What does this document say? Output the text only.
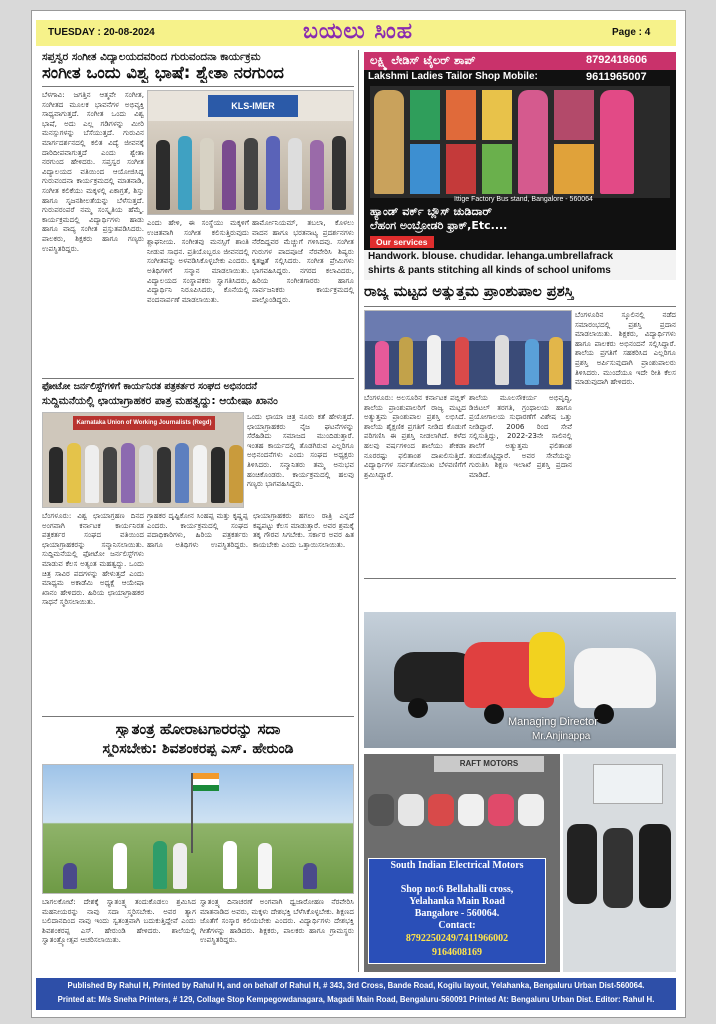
TUESDAY : 20-08-2024	ಬಯಲು ಸಿಂಹ	Page : 4
ಸಪ್ತಸ್ವರ ಸಂಗೀತ ವಿದ್ಯಾಲಯದವರಿಂದ ಗುರುವಂದನಾ ಕಾರ್ಯಕ್ರಮ
ಸಂಗೀತ ಒಂದು ವಿಶ್ವ ಭಾಷೆ: ಶ್ವೇತಾ ನರಗುಂದ
ಬೆಳಗಾವಿ: ಜಗತ್ತಿನ ಆತ್ಮವೇ ಸಂಗೀತ, ಸಂಗೀತದ ಮೂಲಕ ಭಾವನೆಗಳ ಅಭಿವ್ಯಕ್ತಿ ಸಾಧ್ಯವಾಗುತ್ತದೆ. ಸಂಗೀತ ಒಂದು ವಿಶ್ವ ಭಾಷೆ, ಅದು ಎಲ್ಲ ಗಡಿಗಳನ್ನು ಮೀರಿ ಮನಸ್ಸುಗಳನ್ನು ಬೆಸೆಯುತ್ತದೆ. ಗುರುವಿನ ಮಾರ್ಗದರ್ಶನದಲ್ಲಿ ಕಲಿತ ವಿದ್ಯೆ ಜೀವನಕ್ಕೆ ದಾರಿದೀಪವಾಗುತ್ತದೆ ಎಂದು ಶ್ವೇತಾ ನರಗುಂದ ಹೇಳಿದರು. ಸಪ್ತಸ್ವರ ಸಂಗೀತ ವಿದ್ಯಾಲಯದ ವತಿಯಿಂದ ಆಯೋಜಿಸಿದ್ದ ಗುರುವಂದನಾ ಕಾರ್ಯಕ್ರಮದಲ್ಲಿ ಮಾತನಾಡಿ, ಸಂಗೀತ ಕಲಿಕೆಯು ಮಕ್ಕಳಲ್ಲಿ ಏಕಾಗ್ರತೆ, ಶಿಸ್ತು ಹಾಗೂ ಸೃಜನಶೀಲತೆಯನ್ನು ಬೆಳೆಸುತ್ತದೆ. ಗುರುಪರಂಪರೆ ನಮ್ಮ ಸಂಸ್ಕೃತಿಯ ಹೆಮ್ಮೆ. ಕಾರ್ಯಕ್ರಮದಲ್ಲಿ ವಿದ್ಯಾರ್ಥಿಗಳು ಹಾಡು ಹಾಗೂ ವಾದ್ಯ ಸಂಗೀತ ಪ್ರಸ್ತುತಪಡಿಸಿದರು. ಪಾಲಕರು, ಶಿಕ್ಷಕರು ಹಾಗೂ ಗಣ್ಯರು ಉಪಸ್ಥಿತರಿದ್ದರು.
KLS-IMER
ಎಂದು ಹೇಳಿ, ಈ ಸಂಸ್ಥೆಯು ಮಕ್ಕಳಿಗೆ ಉಚಿತವಾಗಿ ಸಂಗೀತ ಕಲಿಸುತ್ತಿರುವುದು ಶ್ಲಾಘನೀಯ. ಸಂಗೀತವು ಮನಸ್ಸಿಗೆ ಶಾಂತಿ ನೀಡುವ ಸಾಧನ. ಪ್ರತಿಯೊಬ್ಬರೂ ಜೀವನದಲ್ಲಿ ಸಂಗೀತವನ್ನು ಅಳವಡಿಸಿಕೊಳ್ಳಬೇಕು ಎಂದರು. ಅತಿಥಿಗಳಿಗೆ ಸನ್ಮಾನ ಮಾಡಲಾಯಿತು. ವಿದ್ಯಾಲಯದ ಸಂಸ್ಥಾಪಕರು ಸ್ವಾಗತಿಸಿದರು, ವಿದ್ಯಾರ್ಥಿನಿ ನಿರೂಪಿಸಿದರು, ಕೊನೆಯಲ್ಲಿ ವಂದನಾರ್ಪಣೆ ಮಾಡಲಾಯಿತು.
ಹಾರ್ಮೋನಿಯಮ್, ತಬಲಾ, ಕೊಳಲು ವಾದನ ಹಾಗೂ ಭರತನಾಟ್ಯ ಪ್ರದರ್ಶನಗಳು ನೆರೆದಿದ್ದವರ ಮೆಚ್ಚುಗೆ ಗಳಿಸಿದವು. ಸಂಗೀತ ಗುರುಗಳ ಪಾದಪೂಜೆ ನೆರವೇರಿಸಿ ಶಿಷ್ಯರು ಕೃತಜ್ಞತೆ ಸಲ್ಲಿಸಿದರು. ಸಂಗೀತ ಪ್ರೇಮಿಗಳು ಭಾಗವಹಿಸಿದ್ದರು. ನಗರದ ಕಲಾವಿದರು, ಹಿರಿಯ ಸಂಗೀತಗಾರರು ಹಾಗೂ ಸಾರ್ವಜನಿಕರು ಕಾರ್ಯಕ್ರಮದಲ್ಲಿ ಪಾಲ್ಗೊಂಡಿದ್ದರು.
ಫೋಟೋ ಜರ್ನಲಿಸ್ಟ್‌ಗಳಿಗೆ ಕಾರ್ಯನಿರತ ಪತ್ರಕರ್ತರ ಸಂಘದ ಅಭಿನಂದನೆ
ಸುದ್ದಿಮನೆಯಲ್ಲಿ ಛಾಯಾಗ್ರಾಹಕರ ಪಾತ್ರ ಮಹತ್ವದ್ದು: ಆಯೇಷಾ ಖಾನಂ
Karnataka Union of Working Journalists (Regd)
ಒಂದು ಛಾಯಾ ಚಿತ್ರ ನೂರು ಕತೆ ಹೇಳುತ್ತದೆ. ಛಾಯಾಗ್ರಾಹಕರು ನೈಜ ಘಟನೆಗಳನ್ನು ಸೆರೆಹಿಡಿದು ಸಮಾಜದ ಮುಂದಿಡುತ್ತಾರೆ. ಇಂತಹ ಕಾರ್ಯದಲ್ಲಿ ತೊಡಗಿರುವ ಎಲ್ಲರಿಗೂ ಅಭಿನಂದನೆಗಳು ಎಂದು ಸಂಘದ ಅಧ್ಯಕ್ಷರು ತಿಳಿಸಿದರು. ಸನ್ಮಾನಿತರು ತಮ್ಮ ಅನುಭವ ಹಂಚಿಕೊಂಡರು. ಕಾರ್ಯಕ್ರಮದಲ್ಲಿ ಹಲವು ಗಣ್ಯರು ಭಾಗವಹಿಸಿದ್ದರು.
ಬೆಂಗಳೂರು: ವಿಶ್ವ ಛಾಯಾಗ್ರಹಣ ದಿನದ ಅಂಗವಾಗಿ ಕರ್ನಾಟಕ ಕಾರ್ಯನಿರತ ಪತ್ರಕರ್ತರ ಸಂಘದ ವತಿಯಿಂದ ಛಾಯಾಗ್ರಾಹಕರನ್ನು ಸನ್ಮಾನಿಸಲಾಯಿತು. ಸುದ್ದಿಮನೆಯಲ್ಲಿ ಫೋಟೋ ಜರ್ನಲಿಸ್ಟ್‌ಗಳು ಮಾಡುವ ಕೆಲಸ ಅತ್ಯಂತ ಮಹತ್ವದ್ದು. ಒಂದು ಚಿತ್ರ ಸಾವಿರ ಪದಗಳನ್ನು ಹೇಳುತ್ತದೆ ಎಂದು ಮಾಧ್ಯಮ ಅಕಾಡೆಮಿ ಅಧ್ಯಕ್ಷೆ ಆಯೇಷಾ ಖಾನಂ ಹೇಳಿದರು. ಹಿರಿಯ ಛಾಯಾಗ್ರಾಹಕರ ಸಾಧನೆ ಸ್ಮರಿಸಲಾಯಿತು.
ಗ್ರಾಹಕರ ದೃಷ್ಟಿಕೋನ ಸಿಂಹಪ್ಪ ಮತ್ತು ಕೃಷ್ಣಪ್ಪ ಎಂದರು. ಕಾರ್ಯಕ್ರಮದಲ್ಲಿ ಸಂಘದ ಪದಾಧಿಕಾರಿಗಳು, ಹಿರಿಯ ಪತ್ರಕರ್ತರು ಹಾಗೂ ಅತಿಥಿಗಳು ಉಪಸ್ಥಿತರಿದ್ದರು. ಛಾಯಾಗ್ರಾಹಕರು ಹಗಲು ರಾತ್ರಿ ಎನ್ನದೆ ಕಷ್ಟಪಟ್ಟು ಕೆಲಸ ಮಾಡುತ್ತಾರೆ. ಅವರ ಶ್ರಮಕ್ಕೆ ತಕ್ಕ ಗೌರವ ಸಿಗಬೇಕು. ಸರ್ಕಾರ ಅವರ ಹಿತ ಕಾಯಬೇಕು ಎಂದು ಒತ್ತಾಯಿಸಲಾಯಿತು.
ಸ್ವಾತಂತ್ರ ಹೋರಾಟಗಾರರನ್ನು ಸದಾ
ಸ್ಮರಿಸಬೇಕು: ಶಿವಶಂಕರಪ್ಪ ಎಸ್. ಹೇರುಂಡಿ
ಬಾಗಲಕೋಟೆ: ದೇಶಕ್ಕೆ ಸ್ವಾತಂತ್ರ್ಯ ತಂದುಕೊಡಲು ಶ್ರಮಿಸಿದ ಮಹನೀಯರನ್ನು ನಾವು ಸದಾ ಸ್ಮರಿಸಬೇಕು. ಅವರ ತ್ಯಾಗ ಬಲಿದಾನದಿಂದ ನಾವು ಇಂದು ಸ್ವತಂತ್ರವಾಗಿ ಬದುಕುತ್ತಿದ್ದೇವೆ ಎಂದು ಶಿವಶಂಕರಪ್ಪ ಎಸ್. ಹೇರುಂಡಿ ಹೇಳಿದರು. ಶಾಲೆಯಲ್ಲಿ ಸ್ವಾತಂತ್ರ್ಯೋತ್ಸವ ಆಚರಿಸಲಾಯಿತು.
ಸ್ವಾತಂತ್ರ್ಯ ದಿನಾಚರಣೆ ಅಂಗವಾಗಿ ಧ್ವಜಾರೋಹಣ ನೆರವೇರಿಸಿ ಮಾತನಾಡಿದ ಅವರು, ಮಕ್ಕಳು ದೇಶಭಕ್ತಿ ಬೆಳೆಸಿಕೊಳ್ಳಬೇಕು. ಶಿಕ್ಷಣದ ಜೊತೆಗೆ ಸಂಸ್ಕಾರ ಕಲಿಯಬೇಕು ಎಂದರು. ವಿದ್ಯಾರ್ಥಿಗಳು ದೇಶಭಕ್ತಿ ಗೀತೆಗಳನ್ನು ಹಾಡಿದರು. ಶಿಕ್ಷಕರು, ಪಾಲಕರು ಹಾಗೂ ಗ್ರಾಮಸ್ಥರು ಉಪಸ್ಥಿತರಿದ್ದರು.
ಲಕ್ಷ್ಮಿ ಲೇಡಿಸ್ ಟೈಲರ್ ಶಾಪ್	8792418606
Lakshmi Ladies Tailor Shop Mobile:	9611965007
Ittige Factory Bus stand, Bangalore - 560064
ಹ್ಯಾಂಡ್ ವರ್ಕ್ ಬ್ಲೌಸ್ ಚುಡಿದಾರ್
ಲೆಹಂಗ ಅಂಬ್ರೋಡರಿ ಫ್ರಾಕ್,Etc....
Our services
Handwork. blouse. chudidar. lehanga.umbrellafrack
shirts & pants stitching all kinds of school unifoms
ರಾಜ್ಯ ಮಟ್ಟದ ಅತ್ಯುತ್ತಮ ಪ್ರಾಂಶುಪಾಲ ಪ್ರಶಸ್ತಿ
ಬೆಂಗಳೂರಿನ ಸ್ಕೂಲಿನಲ್ಲಿ ನಡೆದ ಸಮಾರಂಭದಲ್ಲಿ ಪ್ರಶಸ್ತಿ ಪ್ರದಾನ ಮಾಡಲಾಯಿತು. ಶಿಕ್ಷಕರು, ವಿದ್ಯಾರ್ಥಿಗಳು ಹಾಗೂ ಪಾಲಕರು ಅಭಿನಂದನೆ ಸಲ್ಲಿಸಿದ್ದಾರೆ. ಶಾಲೆಯ ಪ್ರಗತಿಗೆ ಸಹಕರಿಸಿದ ಎಲ್ಲರಿಗೂ ಪ್ರಶಸ್ತಿ ಅರ್ಪಿಸುವುದಾಗಿ ಪ್ರಾಂಶುಪಾಲರು ತಿಳಿಸಿದರು. ಮುಂದೆಯೂ ಇದೇ ರೀತಿ ಕೆಲಸ ಮಾಡುವುದಾಗಿ ಹೇಳಿದರು.
ಬೆಂಗಳೂರು: ಅಲಸೂರಿನ ಕರ್ನಾಟಕ ಪಬ್ಲಿಕ್ ಶಾಲೆಯ ಪ್ರಾಂಶುಪಾಲರಿಗೆ ರಾಜ್ಯ ಮಟ್ಟದ ಅತ್ಯುತ್ತಮ ಪ್ರಾಂಶುಪಾಲ ಪ್ರಶಸ್ತಿ ಲಭಿಸಿದೆ. ಶಾಲೆಯ ಶೈಕ್ಷಣಿಕ ಪ್ರಗತಿಗೆ ನೀಡಿದ ಕೊಡುಗೆ ಪರಿಗಣಿಸಿ ಈ ಪ್ರಶಸ್ತಿ ನೀಡಲಾಗಿದೆ. ಕಳೆದ ಹಲವು ವರ್ಷಗಳಿಂದ ಶಾಲೆಯು ಶೇಕಡಾ ನೂರರಷ್ಟು ಫಲಿತಾಂಶ ದಾಖಲಿಸುತ್ತಿದೆ. ವಿದ್ಯಾರ್ಥಿಗಳ ಸರ್ವತೋಮುಖ ಬೆಳವಣಿಗೆಗೆ ಶ್ರಮಿಸಿದ್ದಾರೆ.
ಶಾಲೆಯ ಮೂಲಸೌಕರ್ಯ ಅಭಿವೃದ್ಧಿ, ಡಿಜಿಟಲ್ ತರಗತಿ, ಗ್ರಂಥಾಲಯ ಹಾಗೂ ಪ್ರಯೋಗಾಲಯ ಸುಧಾರಣೆಗೆ ವಿಶೇಷ ಒತ್ತು ನೀಡಿದ್ದಾರೆ. 2006 ರಿಂದ ಸೇವೆ ಸಲ್ಲಿಸುತ್ತಿದ್ದು, 2022-23ನೇ ಸಾಲಿನಲ್ಲಿ ಶಾಲೆಗೆ ಅತ್ಯುತ್ತಮ ಫಲಿತಾಂಶ ತಂದುಕೊಟ್ಟಿದ್ದಾರೆ. ಅವರ ಸೇವೆಯನ್ನು ಗುರುತಿಸಿ ಶಿಕ್ಷಣ ಇಲಾಖೆ ಪ್ರಶಸ್ತಿ ಪ್ರದಾನ ಮಾಡಿದೆ.
Managing Director
Mr.Anjinappa
RAFT MOTORS
South Indian Electrical Motors
Shop no:6 Bellahalli cross,
Yelahanka Main Road
Bangalore - 560064.
Contact:
8792250249/7411966002
9164608169
Published By Rahul H, Printed by Rahul H, and on behalf of Rahul H, # 343, 3rd Cross, Bande Road, Kogilu layout, Yelahanka, Bengaluru Urban Dist-560064.
Printed at: M/s Sneha Printers, # 129, Collage Stop Kempegowdanagara, Magadi Main Road, Bengaluru-560091 Printed At: Bengaluru Urban Dist. Editor: Rahul H.
